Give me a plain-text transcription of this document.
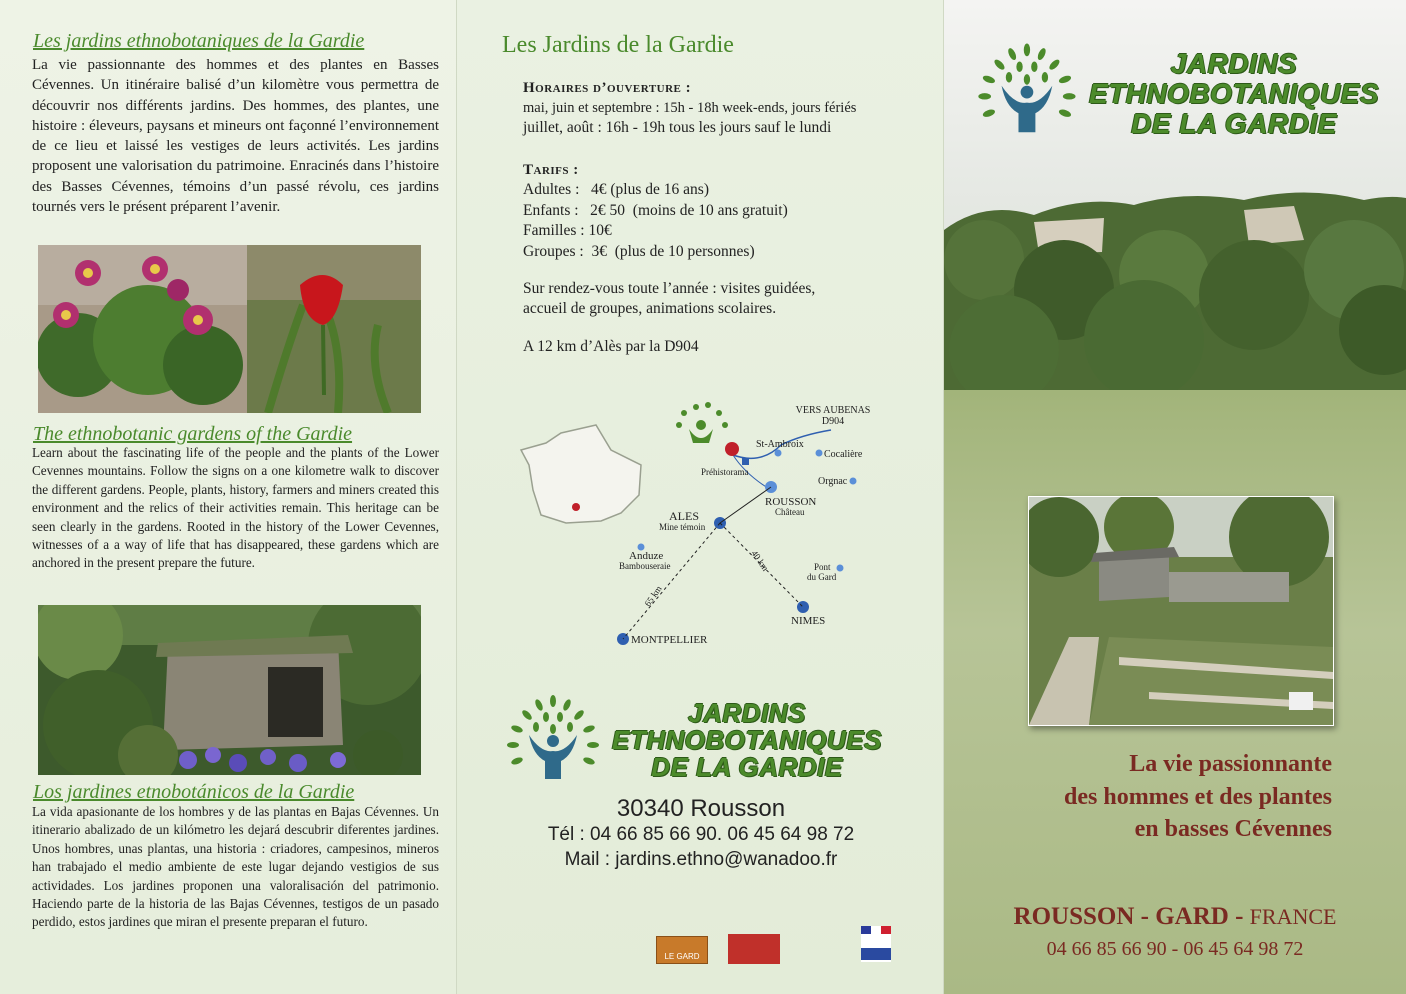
Les jardins ethnobotaniques de la Gardie

La vie passionnante des hommes et des plantes en Basses Cévennes. Un itinéraire balisé d’un kilomètre vous permettra de découvrir nos différents jardins. Des hommes, des plantes, une histoire : éleveurs, paysans et mineurs ont façonné l’environnement de ce lieu et laissé les vestiges de leurs activités. Les jardins proposent une valorisation du patrimoine. Enracinés dans l’histoire des Basses Cévennes, témoins d’un passé révolu, ces jardins tournés vers le présent préparent l’avenir.

The ethnobotanic gardens of the Gardie

Learn about the fascinating life of the people and the plants of the Lower Cevennes mountains. Follow the signs on a one kilometre walk to discover the different gardens. People, plants, history, farmers and miners created this environment and the relics of their activities remain. This heritage can be seen clearly in the gardens. Rooted in the history of the Lower Cevennes, witnesses of a a way of life that has disappeared, these gardens which are anchored in the present prepare the future.

Los jardines etnobotánicos de la Gardie

La vida apasionante de los hombres y de las plantas en Bajas Cévennes. Un itinerario abalizado de un kilómetro les dejará descubrir diferentes jardines. Unos hombres, unas plantas, una historia : criadores, campesinos, mineros han trabajado el medio ambiente de este lugar dejando vestigios de sus actividades. Los jardines proponen una valoralisación del patrimonio. Haciendo parte de la historia de las Bajas Cévennes, testigos de un pasado perdido, estos jardines que miran el presente preparan el futuro.

Les Jardins de la Gardie
Horaires d’ouverture :
mai, juin et septembre : 15h - 18h week-ends, jours fériés
juillet, août : 16h - 19h tous les jours sauf le lundi
Tarifs :
Adultes :   4€ (plus de 16 ans)
Enfants :   2€ 50  (moins de 10 ans gratuit)
Familles : 10€
Groupes :  3€  (plus de 10 personnes)
Sur rendez-vous toute l’année : visites guidées,
accueil de groupes, animations scolaires.
A 12 km d’Alès par la D904
VERS AUBENAS
D904
St-Ambroix
Cocalière
Préhistorama
Orgnac
ROUSSON
Château
ALES
Mine témoin
Anduze
Bambouseraie	Pont
du Gard
40 km
65 km
NIMES
MONTPELLIER
JARDINS
ETHNOBOTANIQUES
DE LA GARDIE
30340 Rousson
Tél : 04 66 85 66 90. 06 45 64 98 72
Mail : jardins.ethno@wanadoo.fr
LE GARD
JARDINS
ETHNOBOTANIQUES
DE LA GARDIE
La vie passionnante
des hommes et des plantes
en basses Cévennes
ROUSSON - GARD - FRANCE
04 66 85 66 90 - 06 45 64 98 72
